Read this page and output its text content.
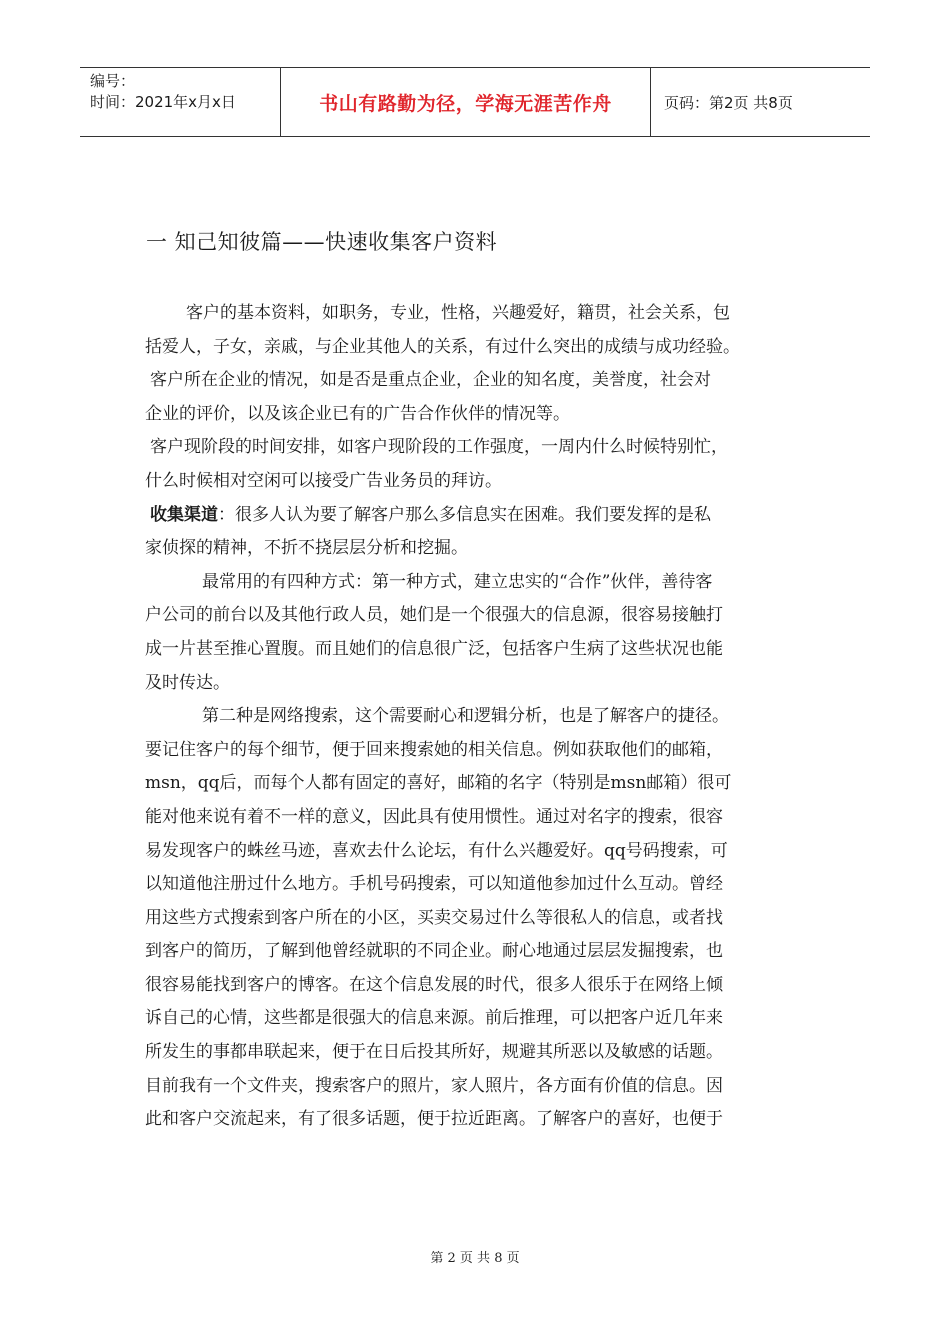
编号：
时间：2021年x月x日	书山有路勤为径，学海无涯苦作舟	页码：第2页 共8页
一 知己知彼篇——快速收集客户资料
　客户的基本资料，如职务，专业，性格，兴趣爱好，籍贯，社会关系，包
括爱人，子女，亲戚，与企业其他人的关系，有过什么突出的成绩与成功经验。
客户所在企业的情况，如是否是重点企业，企业的知名度，美誉度，社会对
企业的评价，以及该企业已有的广告合作伙伴的情况等。
客户现阶段的时间安排，如客户现阶段的工作强度，一周内什么时候特别忙，
什么时候相对空闲可以接受广告业务员的拜访。
收集渠道：很多人认为要了解客户那么多信息实在困难。我们要发挥的是私
家侦探的精神，不折不挠层层分析和挖掘。
　最常用的有四种方式：第一种方式，建立忠实的“合作”伙伴，善待客
户公司的前台以及其他行政人员，她们是一个很强大的信息源，很容易接触打
成一片甚至推心置腹。而且她们的信息很广泛，包括客户生病了这些状况也能
及时传达。
　第二种是网络搜索，这个需要耐心和逻辑分析，也是了解客户的捷径。
要记住客户的每个细节，便于回来搜索她的相关信息。例如获取他们的邮箱，
msn，qq后，而每个人都有固定的喜好，邮箱的名字（特别是msn邮箱）很可
能对他来说有着不一样的意义，因此具有使用惯性。通过对名字的搜索，很容
易发现客户的蛛丝马迹，喜欢去什么论坛，有什么兴趣爱好。qq号码搜索，可
以知道他注册过什么地方。手机号码搜索，可以知道他参加过什么互动。曾经
用这些方式搜索到客户所在的小区，买卖交易过什么等很私人的信息，或者找
到客户的简历，了解到他曾经就职的不同企业。耐心地通过层层发掘搜索，也
很容易能找到客户的博客。在这个信息发展的时代，很多人很乐于在网络上倾
诉自己的心情，这些都是很强大的信息来源。前后推理，可以把客户近几年来
所发生的事都串联起来，便于在日后投其所好，规避其所恶以及敏感的话题。
目前我有一个文件夹，搜索客户的照片，家人照片，各方面有价值的信息。因
此和客户交流起来，有了很多话题，便于拉近距离。了解客户的喜好，也便于
第 2 页 共 8 页
